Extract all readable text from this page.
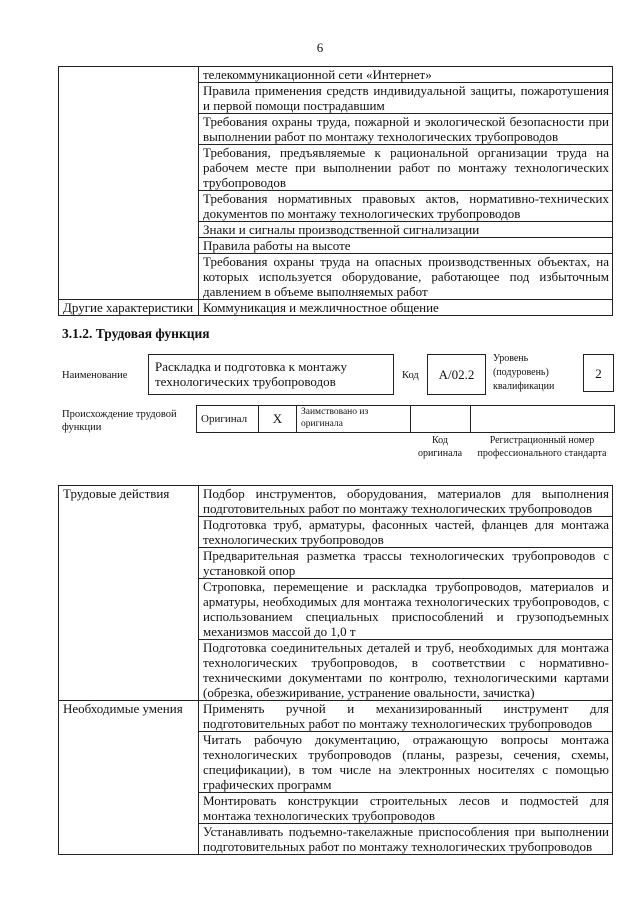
6
	телекоммуникационной сети «Интернет»
	Правила применения средств индивидуальной защиты, пожаротушения и первой помощи пострадавшим
	Требования охраны труда, пожарной и экологической безопасности при выполнении работ по монтажу технологических трубопроводов
	Требования, предъявляемые к рациональной организации труда на рабочем месте при выполнении работ по монтажу технологических трубопроводов
	Требования нормативных правовых актов, нормативно-технических документов по монтажу технологических трубопроводов
	Знаки и сигналы производственной сигнализации
	Правила работы на высоте
	Требования охраны труда на опасных производственных объектах, на которых используется оборудование, работающее под избыточным давлением в объеме выполняемых работ
Другие характеристики	Коммуникация и межличностное общение
3.1.2. Трудовая функция
Наименование
Раскладка и подготовка к монтажу технологических трубопроводов	Код А/02.2
Уровень (подуровень) квалификации
2
Происхождение трудовой функции
Оригинал	X	Заимствовано из оригинала		
Код оригинала
Регистрационный номер профессионального стандарта
Трудовые действия	Подбор инструментов, оборудования, материалов для выполнения подготовительных работ по монтажу технологических трубопроводов
	Подготовка труб, арматуры, фасонных частей, фланцев для монтажа технологических трубопроводов
	Предварительная разметка трассы технологических трубопроводов с установкой опор
	Строповка, перемещение и раскладка трубопроводов, материалов и арматуры, необходимых для монтажа технологических трубопроводов, с использованием специальных приспособлений и грузоподъемных механизмов массой до 1,0 т
	Подготовка соединительных деталей и труб, необходимых для монтажа технологических трубопроводов, в соответствии с нормативно-техническими документами по контролю, технологическими картами (обрезка, обезжиривание, устранение овальности, зачистка)
Необходимые умения	Применять ручной и механизированный инструмент для подготовительных работ по монтажу технологических трубопроводов
	Читать рабочую документацию, отражающую вопросы монтажа технологических трубопроводов (планы, разрезы, сечения, схемы, спецификации), в том числе на электронных носителях с помощью графических программ
	Монтировать конструкции строительных лесов и подмостей для монтажа технологических трубопроводов
	Устанавливать подъемно-такелажные приспособления при выполнении подготовительных работ по монтажу технологических трубопроводов
